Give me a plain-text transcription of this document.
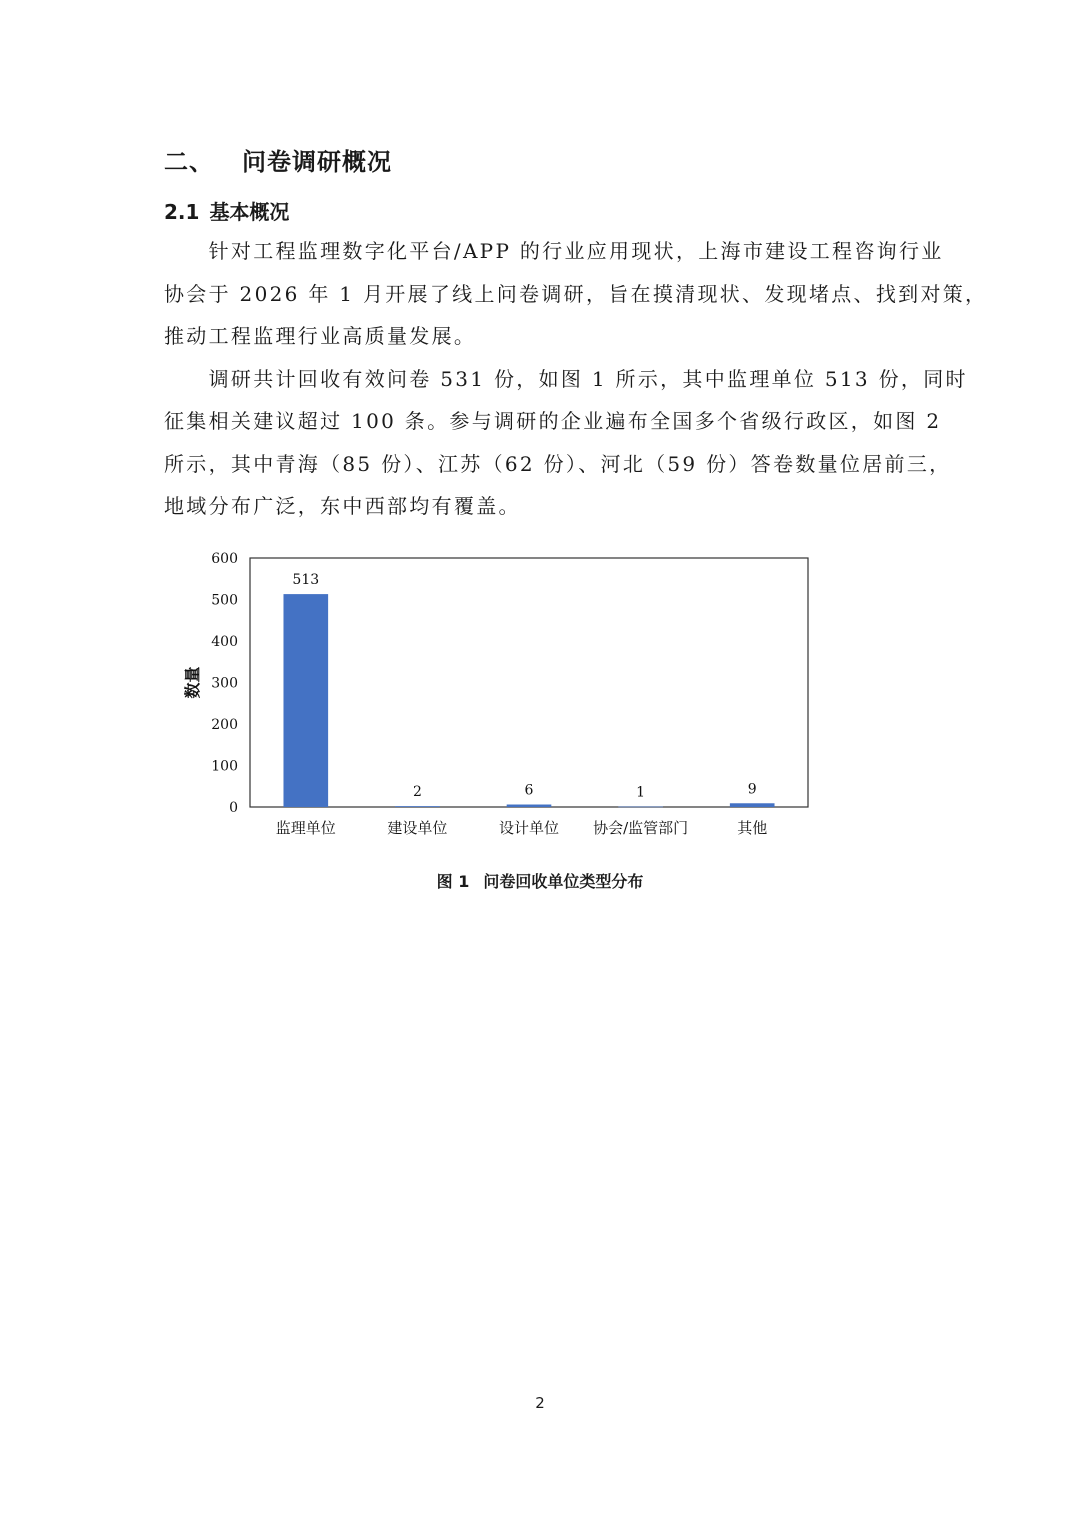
二、 问卷调研概况
2.1 基本概况
　　针对工程监理数字化平台/APP 的行业应用现状，上海市建设工程咨询行业
协会于 2026 年 1 月开展了线上问卷调研，旨在摸清现状、发现堵点、找到对策，
推动工程监理行业高质量发展。
　　调研共计回收有效问卷 531 份，如图 1 所示，其中监理单位 513 份，同时
征集相关建议超过 100 条。参与调研的企业遍布全国多个省级行政区，如图 2
所示，其中青海（85 份）、江苏（62 份）、河北（59 份）答卷数量位居前三，
地域分布广泛，东中西部均有覆盖。
0
100
200
300
400
500
600
数量
513
监理单位
2
建设单位
6
设计单位
1
协会/监管部门
9
其他
图 1 问卷回收单位类型分布
2
